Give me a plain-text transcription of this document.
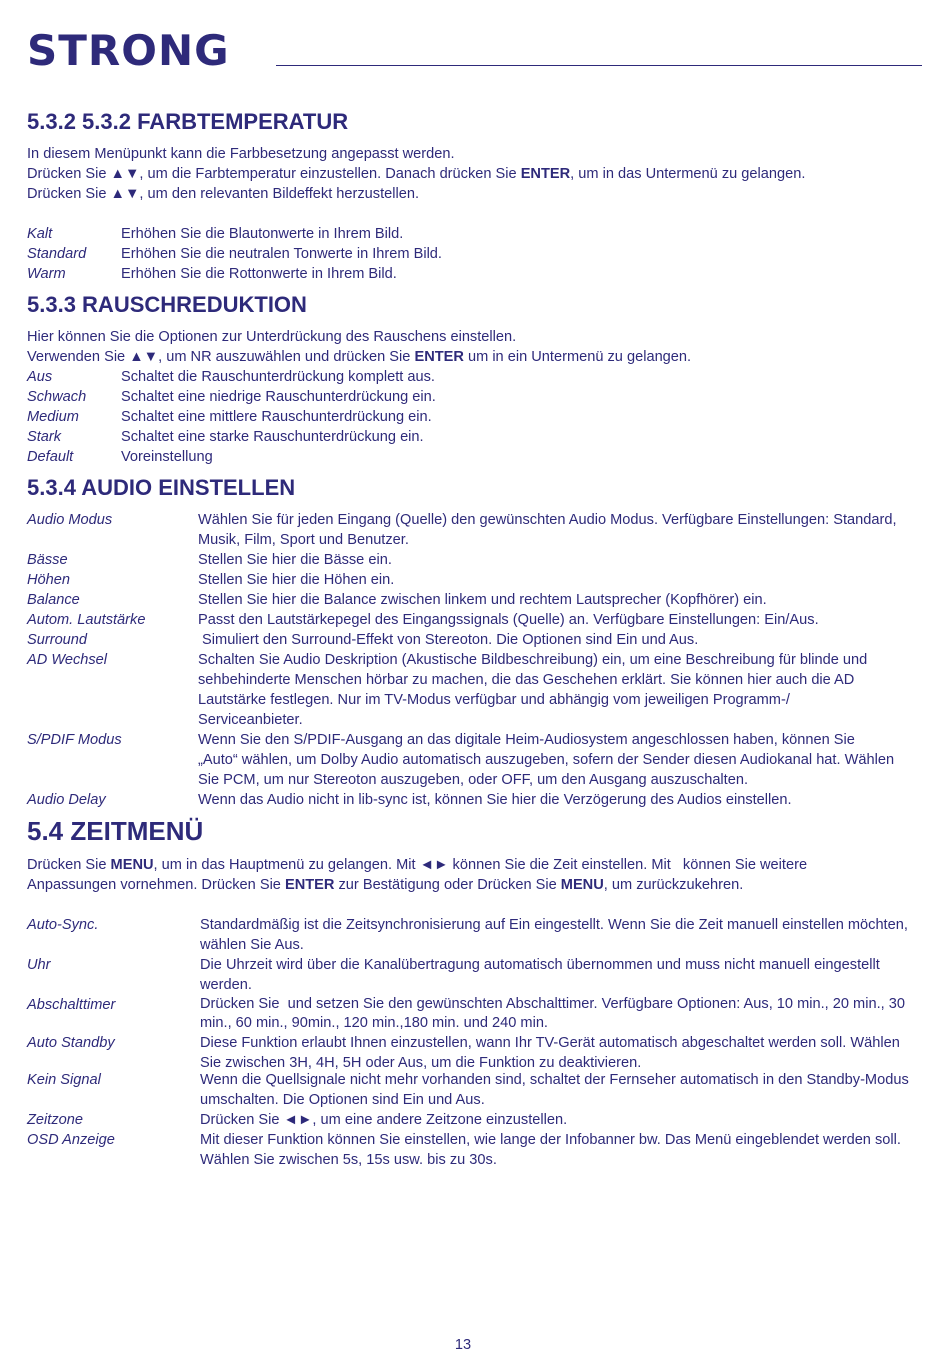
STRONG
5.3.2 5.3.2 FARBTEMPERATUR
In diesem Menüpunkt kann die Farbbesetzung angepasst werden.
Drücken Sie ▲▼, um die Farbtemperatur einzustellen. Danach drücken Sie ENTER, um in das Untermenü zu gelangen.
Drücken Sie ▲▼, um den relevanten Bildeffekt herzustellen.
Kalt	Erhöhen Sie die Blautonwerte in Ihrem Bild.
Standard Erhöhen Sie die neutralen Tonwerte in Ihrem Bild.
Warm	Erhöhen Sie die Rottonwerte in Ihrem Bild.
5.3.3 RAUSCHREDUKTION
Hier können Sie die Optionen zur Unterdrückung des Rauschens einstellen.
Verwenden Sie ▲▼, um NR auszuwählen und drücken Sie ENTER um in ein Untermenü zu gelangen.
Aus	Schaltet die Rauschunterdrückung komplett aus.
Schwach Schaltet eine niedrige Rauschunterdrückung ein.
Medium	Schaltet eine mittlere Rauschunterdrückung ein.
Stark	Schaltet eine starke Rauschunterdrückung ein.
Default	Voreinstellung
5.3.4 AUDIO EINSTELLEN
Audio Modus	Wählen Sie für jeden Eingang (Quelle) den gewünschten Audio Modus. Verfügbare Einstellungen: Standard, Musik, Film, Sport und Benutzer.
Bässe	Stellen Sie hier die Bässe ein.
Höhen	Stellen Sie hier die Höhen ein.
Balance	Stellen Sie hier die Balance zwischen linkem und rechtem Lautsprecher (Kopfhörer) ein.
Autom. Lautstärke	Passt den Lautstärkepegel des Eingangssignals (Quelle) an. Verfügbare Einstellungen: Ein/Aus.
Surround	Simuliert den Surround-Effekt von Stereoton. Die Optionen sind Ein und Aus.
AD Wechsel	Schalten Sie Audio Deskription (Akustische Bildbeschreibung) ein, um eine Beschreibung für blinde und sehbehinderte Menschen hörbar zu machen, die das Geschehen erklärt. Sie können hier auch die AD Lautstärke festlegen. Nur im TV-Modus verfügbar und abhängig vom jeweiligen Programm-/ Serviceanbieter.
S/PDIF Modus	Wenn Sie den S/PDIF-Ausgang an das digitale Heim-Audiosystem angeschlossen haben, können Sie „Auto“ wählen, um Dolby Audio automatisch auszugeben, sofern der Sender diesen Audiokanal hat. Wählen Sie PCM, um nur Stereoton auszugeben, oder OFF, um den Ausgang auszuschalten.
Audio Delay	Wenn das Audio nicht in lib-sync ist, können Sie hier die Verzögerung des Audios einstellen.
5.4 ZEITMENÜ
Drücken Sie MENU, um in das Hauptmenü zu gelangen. Mit ◄► können Sie die Zeit einstellen. Mit   können Sie weitere
Anpassungen vornehmen. Drücken Sie ENTER zur Bestätigung oder Drücken Sie MENU, um zurückzukehren.
Auto-Sync.	Standardmäßig ist die Zeitsynchronisierung auf Ein eingestellt. Wenn Sie die Zeit manuell einstellen möchten, wählen Sie Aus.
Uhr	Die Uhrzeit wird über die Kanalübertragung automatisch übernommen und muss nicht manuell eingestellt werden.
Abschalttimer	Drücken Sie  und setzen Sie den gewünschten Abschalttimer. Verfügbare Optionen: Aus, 10 min., 20 min., 30 min., 60 min., 90min., 120 min.,180 min. und 240 min.
Auto Standby	Diese Funktion erlaubt Ihnen einzustellen, wann Ihr TV-Gerät automatisch abgeschaltet werden soll. Wählen Sie zwischen 3H, 4H, 5H oder Aus, um die Funktion zu deaktivieren.
Kein Signal	Wenn die Quellsignale nicht mehr vorhanden sind, schaltet der Fernseher automatisch in den Standby-Modus umschalten. Die Optionen sind Ein und Aus.
Zeitzone	Drücken Sie ◄►, um eine andere Zeitzone einzustellen.
OSD Anzeige	Mit dieser Funktion können Sie einstellen, wie lange der Infobanner bw. Das Menü eingeblendet werden soll. Wählen Sie zwischen 5s, 15s usw. bis zu 30s.
13
